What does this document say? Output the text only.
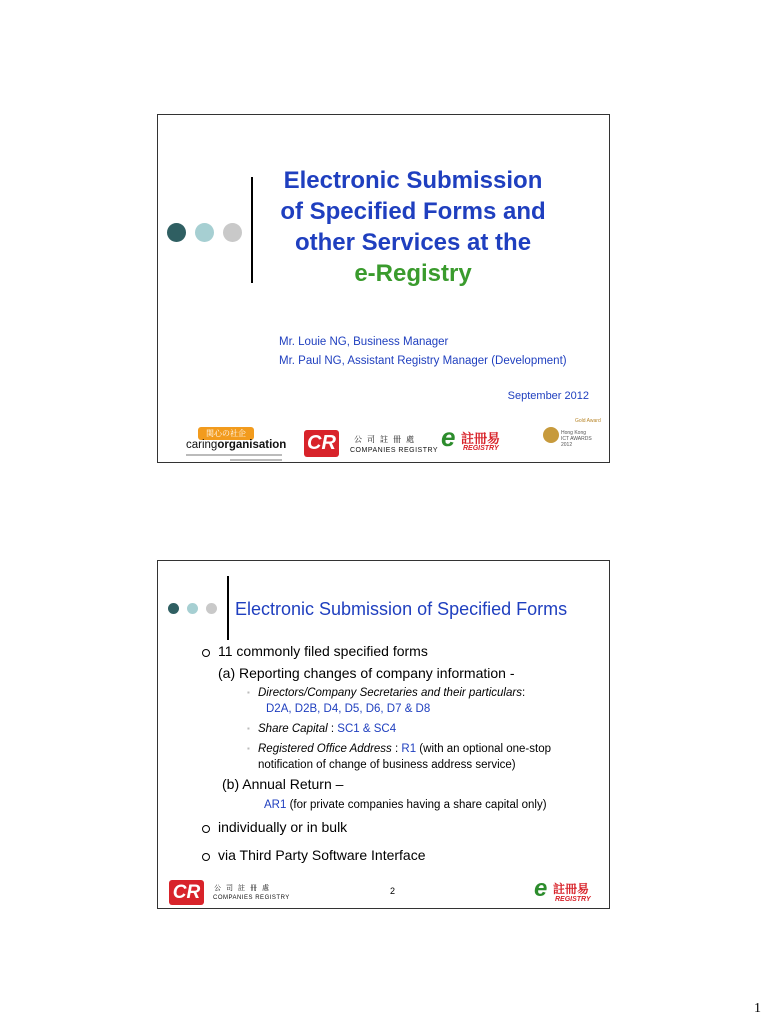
Electronic Submission
of Specified Forms and
other Services at the
e-Registry
Mr. Louie NG, Business Manager
Mr. Paul NG, Assistant Registry Manager (Development)
September 2012
関心の社企
caringorganisation CR	公司註冊處
COMPANIES REGISTRY e 註冊易
REGISTRY
Gold Award
Hong Kong
ICT AWARDS
2012
Electronic Submission of Specified Forms
11 commonly filed specified forms
(a) Reporting changes of company information -
▪ Directors/Company Secretaries and their particulars:
D2A, D2B, D4, D5, D6, D7 & D8
▪ Share Capital : SC1 & SC4
▪ Registered Office Address : R1 (with an optional one-stop
notification of change of business address service)
(b) Annual Return –
AR1 (for private companies having a share capital only)
individually or in bulk
via Third Party Software Interface
CR	公司註冊處
COMPANIES REGISTRY
2	e 註冊易
REGISTRY
1
